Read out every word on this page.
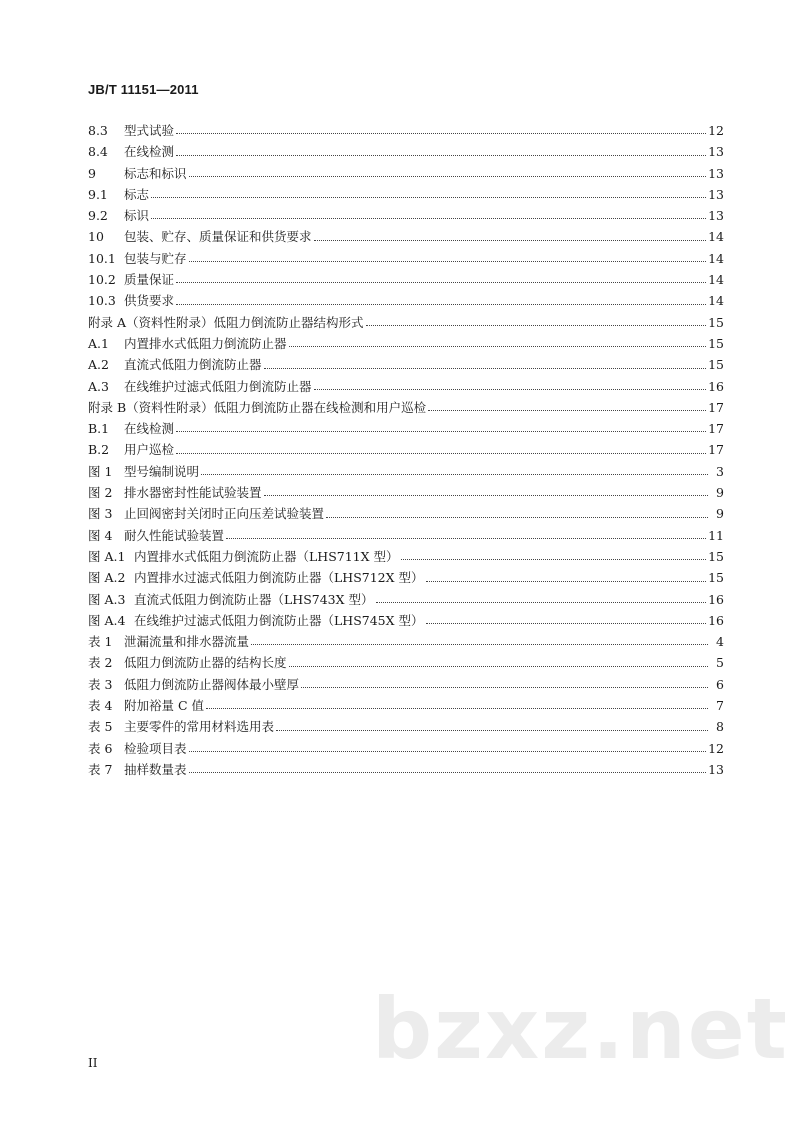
JB/T 11151—2011
8.3	型式试验	12
8.4	在线检测	13
9	标志和标识	13
9.1	标志	13
9.2	标识	13
10	包装、贮存、质量保证和供货要求	14
10.1 包装与贮存	14
10.2 质量保证	14
10.3 供货要求	14
附录 A（资料性附录）低阻力倒流防止器结构形式	15
A.1	内置排水式低阻力倒流防止器	15
A.2	直流式低阻力倒流防止器	15
A.3	在线维护过滤式低阻力倒流防止器	16
附录 B（资料性附录）低阻力倒流防止器在线检测和用户巡检	17
B.1	在线检测	17
B.2	用户巡检	17
图 1 型号编制说明	3
图 2 排水器密封性能试验装置	9
图 3 止回阀密封关闭时正向压差试验装置	9
图 4 耐久性能试验装置	11
图 A.1 内置排水式低阻力倒流防止器（LHS711X 型）	15
图 A.2 内置排水过滤式低阻力倒流防止器（LHS712X 型）	15
图 A.3 直流式低阻力倒流防止器（LHS743X 型）	16
图 A.4 在线维护过滤式低阻力倒流防止器（LHS745X 型）	16
表 1 泄漏流量和排水器流量	4
表 2 低阻力倒流防止器的结构长度	5
表 3 低阻力倒流防止器阀体最小壁厚	6
表 4 附加裕量 C 值	7
表 5 主要零件的常用材料选用表	8
表 6 检验项目表	12
表 7 抽样数量表	13
bzxz.net
II
